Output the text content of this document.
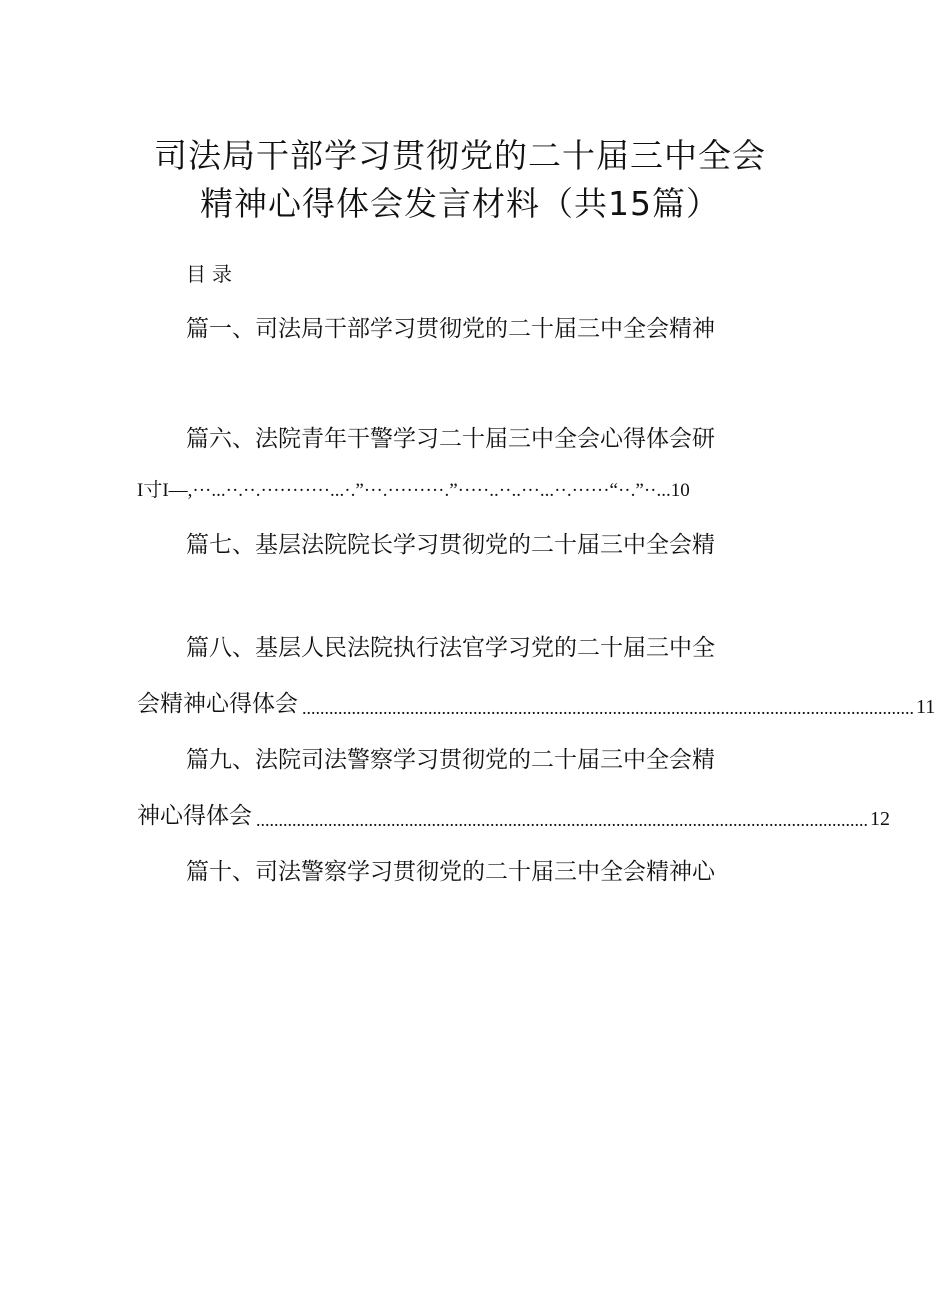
司法局干部学习贯彻党的二十届三中全会
精神心得体会发言材料（共15篇）
目录
篇一、司法局干部学习贯彻党的二十届三中全会精神
篇六、法院青年干警学习二十届三中全会心得体会研
I寸I—,···...··.··.···········...·.”···.·········.”·····..··..···...··.······“··.”··...10
篇七、基层法院院长学习贯彻党的二十届三中全会精
篇八、基层人民法院执行法官学习党的二十届三中全
会精神心得体会 ........................................................................................................................................ 11
篇九、法院司法警察学习贯彻党的二十届三中全会精
神心得体会 ........................................................................................................................................ 12
篇十、司法警察学习贯彻党的二十届三中全会精神心
